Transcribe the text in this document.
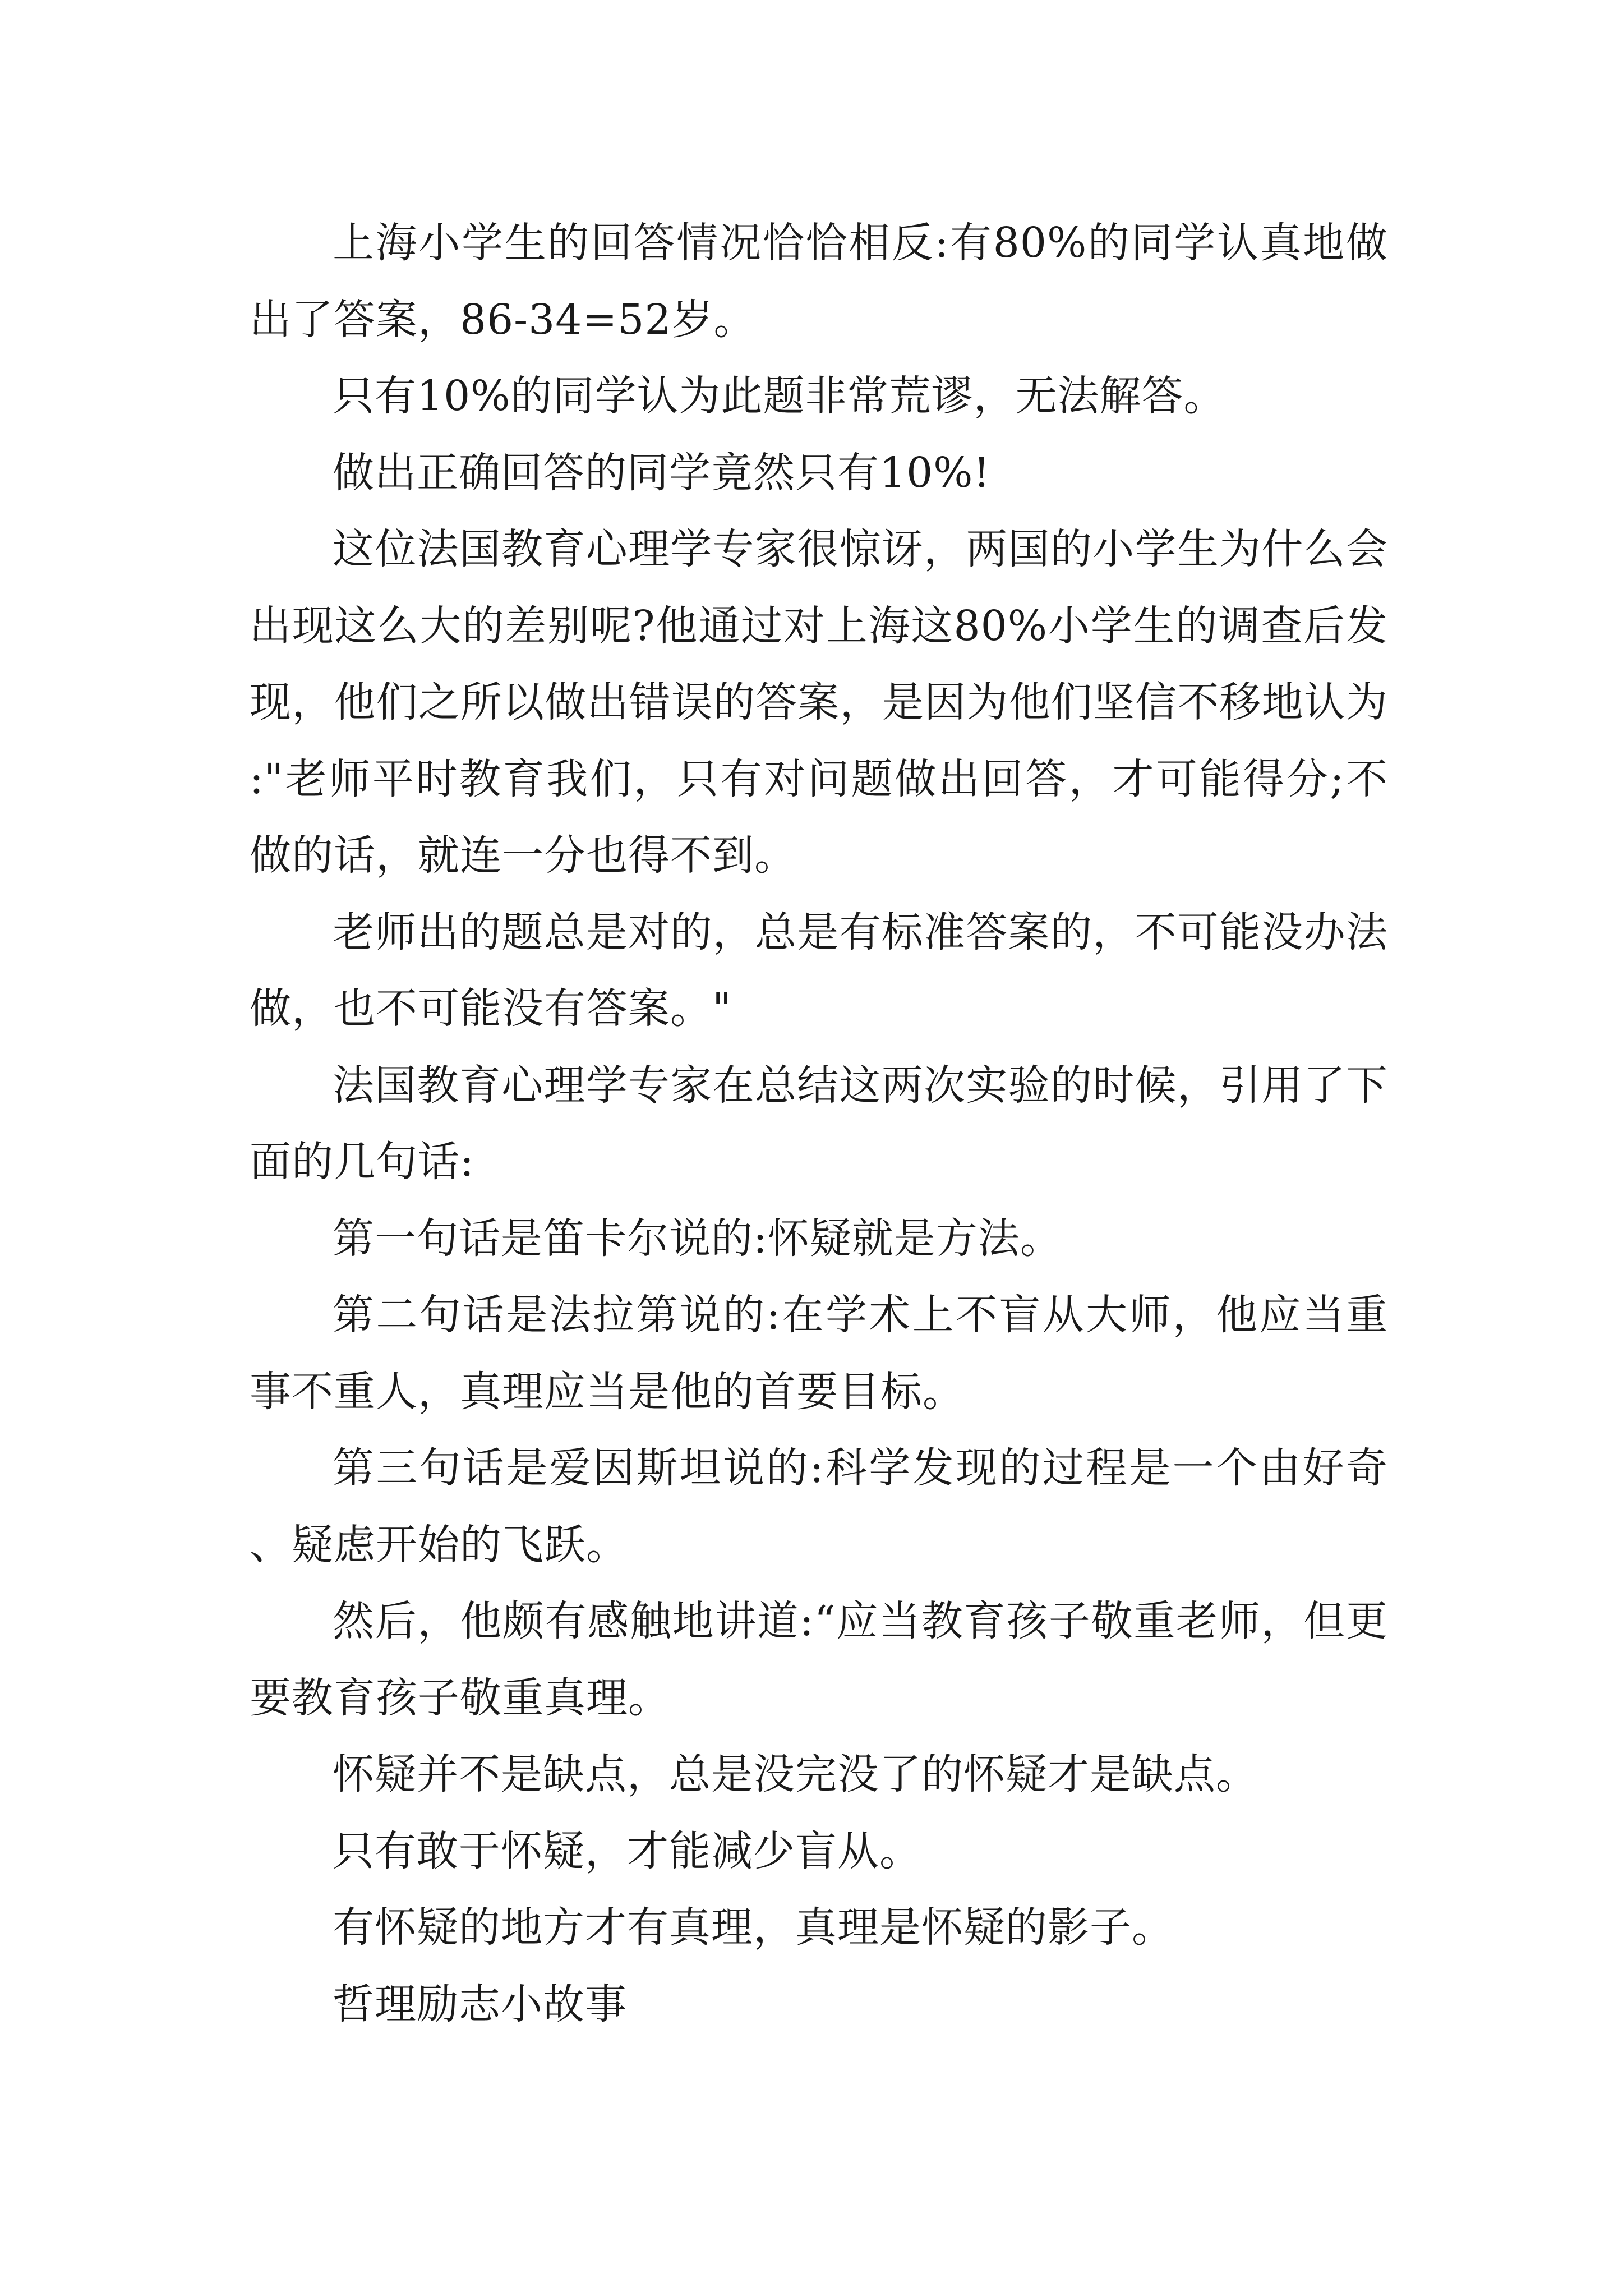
上海小学生的回答情况恰恰相反:有80%的同学认真地做出了答案，86-34=52岁。

只有10%的同学认为此题非常荒谬，无法解答。

做出正确回答的同学竟然只有10%!

这位法国教育心理学专家很惊讶，两国的小学生为什么会出现这么大的差别呢?他通过对上海这80%小学生的调查后发现，他们之所以做出错误的答案，是因为他们坚信不移地认为:"老师平时教育我们，只有对问题做出回答，才可能得分;不做的话，就连一分也得不到。

老师出的题总是对的，总是有标准答案的，不可能没办法做，也不可能没有答案。"

法国教育心理学专家在总结这两次实验的时候，引用了下面的几句话:

第一句话是笛卡尔说的:怀疑就是方法。

第二句话是法拉第说的:在学术上不盲从大师，他应当重事不重人，真理应当是他的首要目标。

第三句话是爱因斯坦说的:科学发现的过程是一个由好奇、疑虑开始的飞跃。

然后，他颇有感触地讲道:“应当教育孩子敬重老师，但更要教育孩子敬重真理。

怀疑并不是缺点，总是没完没了的怀疑才是缺点。

只有敢于怀疑，才能减少盲从。

有怀疑的地方才有真理，真理是怀疑的影子。

哲理励志小故事
